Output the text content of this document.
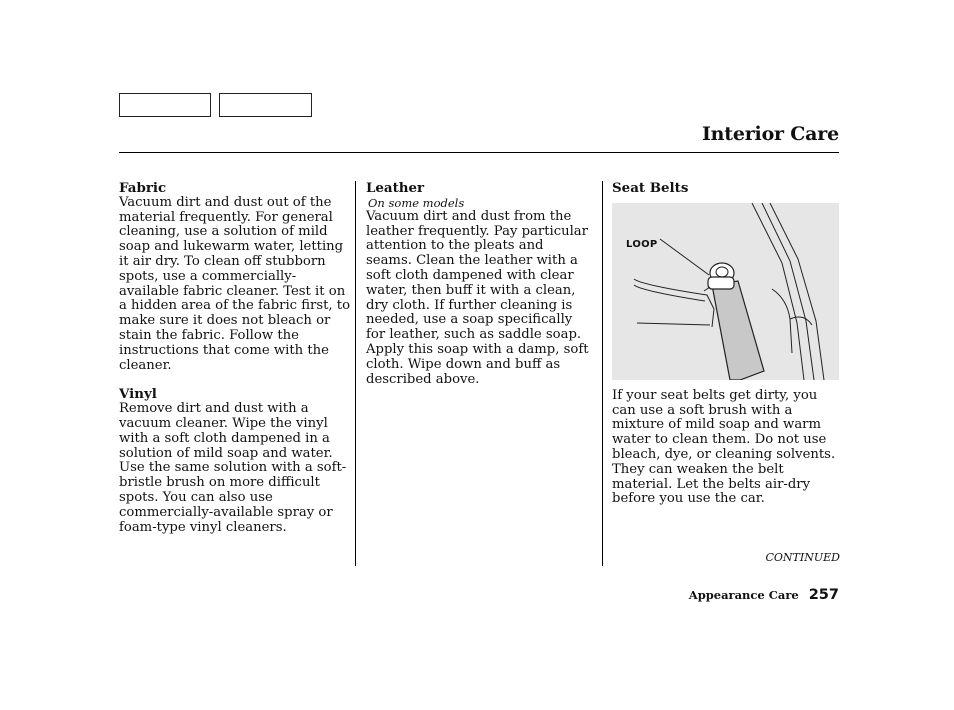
Interior Care
Fabric

Vacuum dirt and dust out of the material frequently. For general cleaning, use a solution of mild soap and lukewarm water, letting it air dry. To clean off stubborn spots, use a commercially-available fabric cleaner. Test it on a hidden area of the fabric first, to make sure it does not bleach or stain the fabric. Follow the instructions that come with the cleaner.

Vinyl

Remove dirt and dust with a vacuum cleaner. Wipe the vinyl with a soft cloth dampened in a solution of mild soap and water. Use the same solution with a soft-bristle brush on more difficult spots. You can also use commercially-available spray or foam-type vinyl cleaners.

Leather
On some models

Vacuum dirt and dust from the leather frequently. Pay particular attention to the pleats and seams. Clean the leather with a soft cloth dampened with clear water, then buff it with a clean, dry cloth. If further cleaning is needed, use a soap specifically for leather, such as saddle soap. Apply this soap with a damp, soft cloth. Wipe down and buff as described above.

Seat Belts
LOOP

If your seat belts get dirty, you can use a soft brush with a mixture of mild soap and warm water to clean them. Do not use bleach, dye, or cleaning solvents. They can weaken the belt material. Let the belts air-dry before you use the car.

CONTINUED
Appearance Care 257
